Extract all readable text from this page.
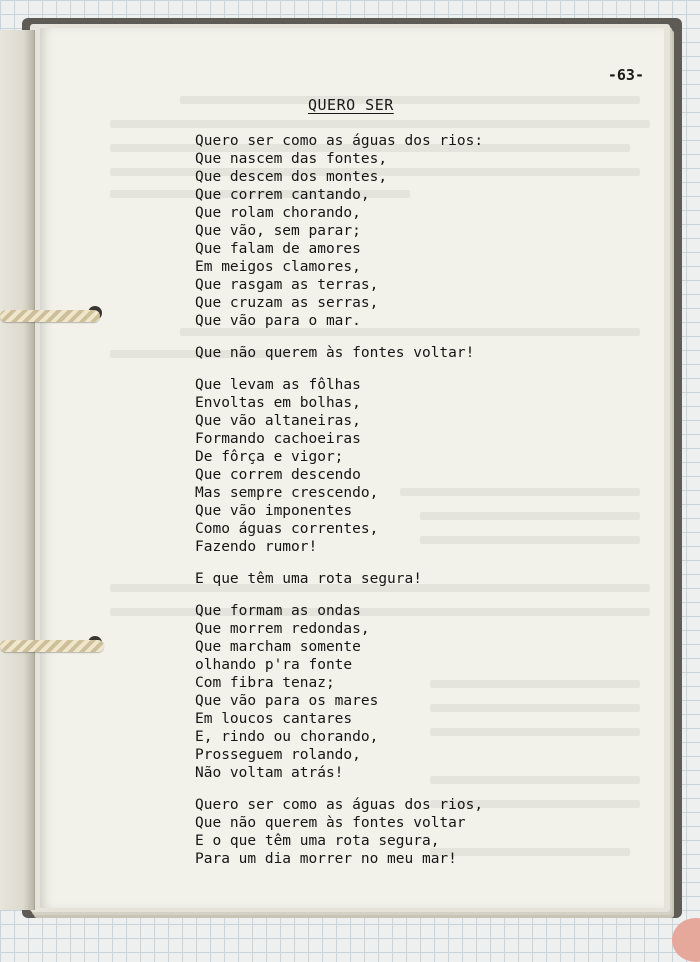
-63-
QUERO SER
Quero ser como as águas dos rios:
Que nascem das fontes,
Que descem dos montes,
Que correm cantando,
Que rolam chorando,
Que vão, sem parar;
Que falam de amores
Em meigos clamores,
Que rasgam as terras,
Que cruzam as serras,
Que vão para o mar.
Que não querem às fontes voltar!
Que levam as fôlhas
Envoltas em bolhas,
Que vão altaneiras,
Formando cachoeiras
De fôrça e vigor;
Que correm descendo
Mas sempre crescendo,
Que vão imponentes
Como águas correntes,
Fazendo rumor!
E que têm uma rota segura!
Que formam as ondas
Que morrem redondas,
Que marcham somente
olhando p'ra fonte
Com fibra tenaz;
Que vão para os mares
Em loucos cantares
E, rindo ou chorando,
Prosseguem rolando,
Não voltam atrás!
Quero ser como as águas dos rios,
Que não querem às fontes voltar
E o que têm uma rota segura,
Para um dia morrer no meu mar!
